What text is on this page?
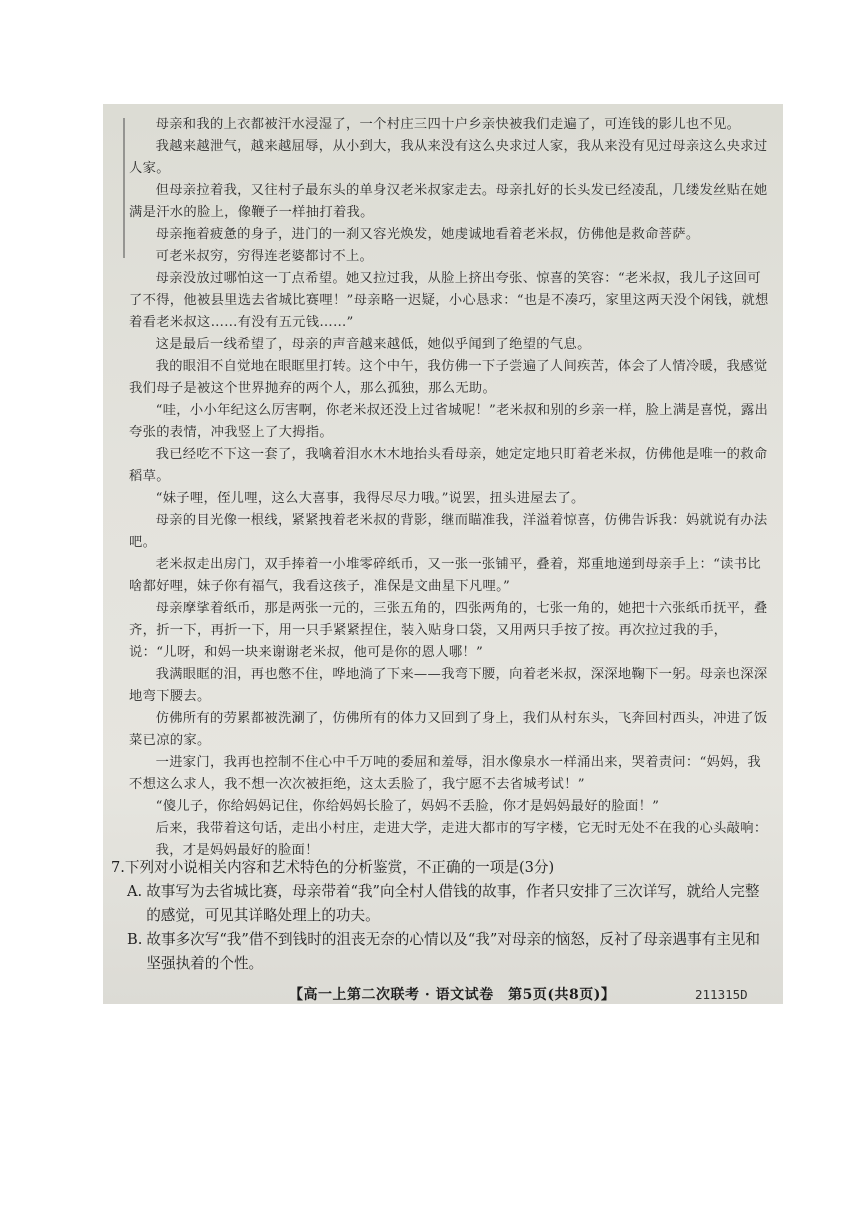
母亲和我的上衣都被汗水浸湿了，一个村庄三四十户乡亲快被我们走遍了，可连钱的影儿也不见。

我越来越泄气，越来越屈辱，从小到大，我从来没有这么央求过人家，我从来没有见过母亲这么央求过人家。

但母亲拉着我，又往村子最东头的单身汉老米叔家走去。母亲扎好的长头发已经凌乱，几缕发丝贴在她满是汗水的脸上，像鞭子一样抽打着我。

母亲拖着疲惫的身子，进门的一刹又容光焕发，她虔诚地看着老米叔，仿佛他是救命菩萨。

可老米叔穷，穷得连老婆都讨不上。

母亲没放过哪怕这一丁点希望。她又拉过我，从脸上挤出夸张、惊喜的笑容：“老米叔，我儿子这回可了不得，他被县里选去省城比赛哩！”母亲略一迟疑，小心恳求：“也是不凑巧，家里这两天没个闲钱，就想着看老米叔这……有没有五元钱……”

这是最后一线希望了，母亲的声音越来越低，她似乎闻到了绝望的气息。

我的眼泪不自觉地在眼眶里打转。这个中午，我仿佛一下子尝遍了人间疾苦，体会了人情冷暖，我感觉我们母子是被这个世界抛弃的两个人，那么孤独，那么无助。

“哇，小小年纪这么厉害啊，你老米叔还没上过省城呢！”老米叔和别的乡亲一样，脸上满是喜悦，露出夸张的表情，冲我竖上了大拇指。

我已经吃不下这一套了，我噙着泪水木木地抬头看母亲，她定定地只盯着老米叔，仿佛他是唯一的救命稻草。

“妹子哩，侄儿哩，这么大喜事，我得尽尽力哦。”说罢，扭头进屋去了。

母亲的目光像一根线，紧紧拽着老米叔的背影，继而瞄准我，洋溢着惊喜，仿佛告诉我：妈就说有办法吧。

老米叔走出房门，双手捧着一小堆零碎纸币，又一张一张铺平，叠着，郑重地递到母亲手上：“读书比啥都好哩，妹子你有福气，我看这孩子，准保是文曲星下凡哩。”

母亲摩挲着纸币，那是两张一元的，三张五角的，四张两角的，七张一角的，她把十六张纸币抚平，叠齐，折一下，再折一下，用一只手紧紧捏住，装入贴身口袋，又用两只手按了按。再次拉过我的手，说：“儿呀，和妈一块来谢谢老米叔，他可是你的恩人哪！”

我满眼眶的泪，再也憋不住，哗地淌了下来——我弯下腰，向着老米叔，深深地鞠下一躬。母亲也深深地弯下腰去。

仿佛所有的劳累都被洗涮了，仿佛所有的体力又回到了身上，我们从村东头，飞奔回村西头，冲进了饭菜已凉的家。

一进家门，我再也控制不住心中千万吨的委屈和羞辱，泪水像泉水一样涌出来，哭着责问：“妈妈，我不想这么求人，我不想一次次被拒绝，这太丢脸了，我宁愿不去省城考试！”

“傻儿子，你给妈妈记住，你给妈妈长脸了，妈妈不丢脸，你才是妈妈最好的脸面！”

后来，我带着这句话，走出小村庄，走进大学，走进大都市的写字楼，它无时无处不在我的心头敲响：

我，才是妈妈最好的脸面！

7.下列对小说相关内容和艺术特色的分析鉴赏，不正确的一项是(3分)

A. 故事写为去省城比赛，母亲带着“我”向全村人借钱的故事，作者只安排了三次详写，就给人完整的感觉，可见其详略处理上的功夫。
B. 故事多次写“我”借不到钱时的沮丧无奈的心情以及“我”对母亲的恼怒，反衬了母亲遇事有主见和坚强执着的个性。
【高一上第二次联考 · 语文试卷　第5页(共8页)】	211315D
